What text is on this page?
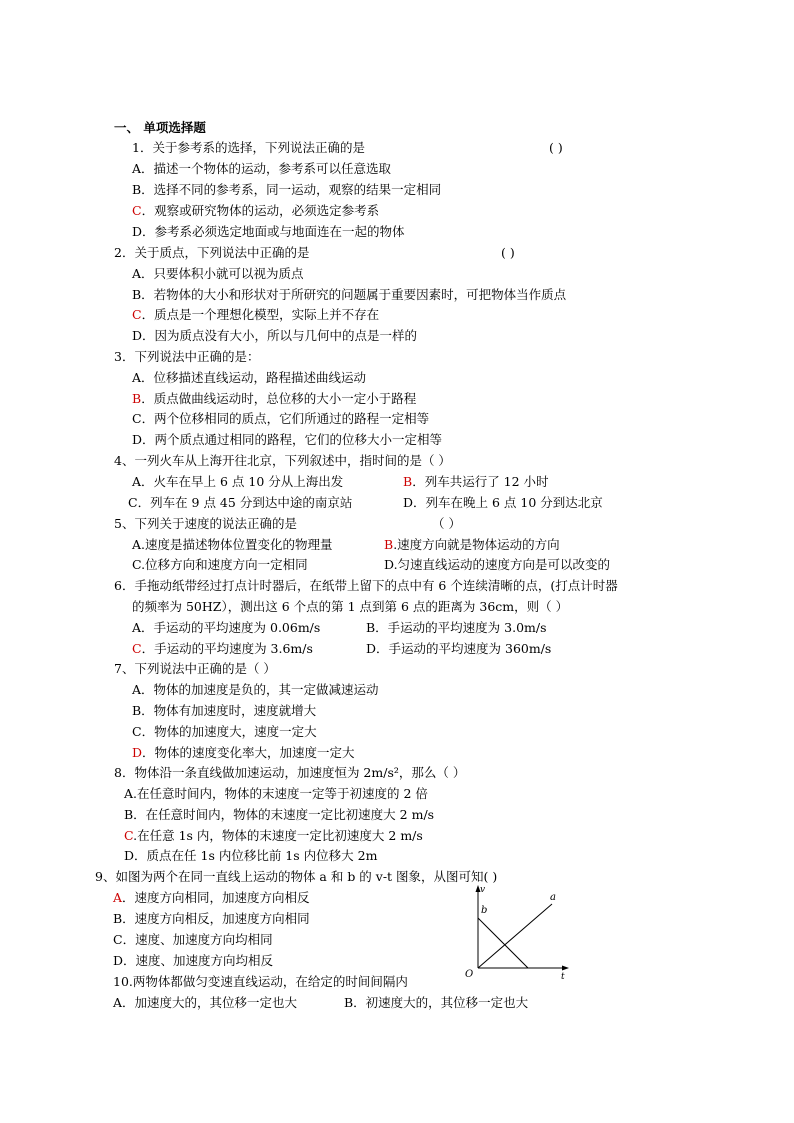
一、 单项选择题
1．关于参考系的选择，下列说法正确的是	( )
A．描述一个物体的运动，参考系可以任意选取
B．选择不同的参考系，同一运动，观察的结果一定相同
C．观察或研究物体的运动，必须选定参考系
D．参考系必须选定地面或与地面连在一起的物体
2．关于质点，下列说法中正确的是	( )
A．只要体积小就可以视为质点
B．若物体的大小和形状对于所研究的问题属于重要因素时，可把物体当作质点
C．质点是一个理想化模型，实际上并不存在
D．因为质点没有大小，所以与几何中的点是一样的
3．下列说法中正确的是：
A．位移描述直线运动，路程描述曲线运动
B．质点做曲线运动时，总位移的大小一定小于路程
C．两个位移相同的质点，它们所通过的路程一定相等
D．两个质点通过相同的路程，它们的位移大小一定相等
4、一列火车从上海开往北京，下列叙述中，指时间的是（ ）
A．火车在早上 6 点 10 分从上海出发	B．列车共运行了 12 小时
C．列车在 9 点 45 分到达中途的南京站	D．列车在晚上 6 点 10 分到达北京
5、下列关于速度的说法正确的是	（ ）
A.速度是描述物体位置变化的物理量	B.速度方向就是物体运动的方向
C.位移方向和速度方向一定相同	D.匀速直线运动的速度方向是可以改变的
6．手拖动纸带经过打点计时器后，在纸带上留下的点中有 6 个连续清晰的点，(打点计时器
的频率为 50HZ），测出这 6 个点的第 1 点到第 6 点的距离为 36cm，则（ ）
A．手运动的平均速度为 0.06m/s	B．手运动的平均速度为 3.0m/s
C．手运动的平均速度为 3.6m/s	D．手运动的平均速度为 360m/s
7、下列说法中正确的是（ ）
A．物体的加速度是负的，其一定做减速运动
B．物体有加速度时，速度就增大
C．物体的加速度大，速度一定大
D．物体的速度变化率大，加速度一定大
8．物体沿一条直线做加速运动，加速度恒为 2m/s²，那么（ ）
A.在任意时间内，物体的末速度一定等于初速度的 2 倍
B．在任意时间内，物体的末速度一定比初速度大 2 m/s
C.在任意 1s 内，物体的末速度一定比初速度大 2 m/s
D．质点在任 1s 内位移比前 1s 内位移大 2m
9、如图为两个在同一直线上运动的物体 a 和 b 的 v-t 图象，从图可知( )
A．速度方向相同，加速度方向相反
B．速度方向相反，加速度方向相同
C．速度、加速度方向均相同
D．速度、加速度方向均相反
v
t
O
a
b
10.两物体都做匀变速直线运动，在给定的时间间隔内
A．加速度大的，其位移一定也大	B．初速度大的，其位移一定也大
